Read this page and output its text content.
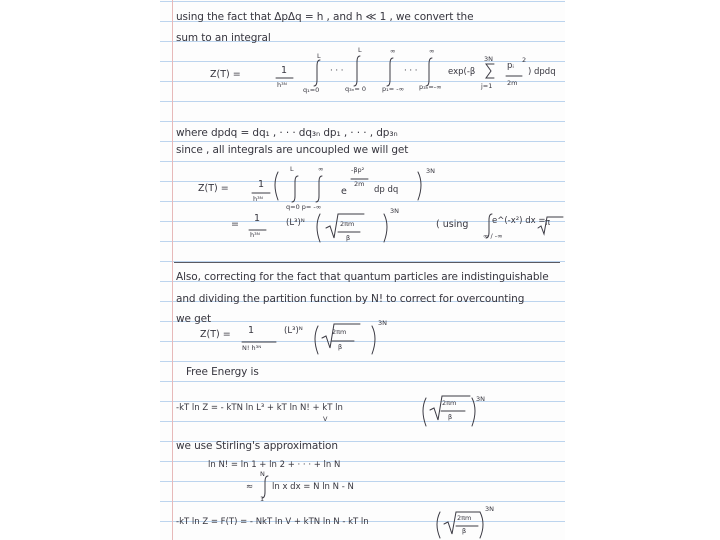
using the fact that ΔpΔq = h , and h ≪ 1 , we convert the
sum to an integral
L
L	∞	∞
Z(T) =	1
h³ᴺ
· · ·	· · ·
q₁=0	q₃ₙ= 0 p₁= -∞ p₃ₙ=-∞
exp(-β
3N
j=1
pᵢ
2
2m
) dpdq
where dpdq = dq₁ , · · · dq₃ₙ dp₁ , · · · , dp₃ₙ
since , all integrals are uncoupled we will get
L	∞
Z(T) =	1
h³ᴺ
q=0 p= -∞
e
-βp²
2m
dp dq
3N
=
1
h³ᴺ
(L³)ᴺ	2πm
β
3N
( using
∞ / -∞
e^(-x²) dx = π
Also, correcting for the fact that quantum particles are indistinguishable
and dividing the partition function by N! to correct for overcounting
we get
Z(T) = 1
N! h³ᴺ
(L³)ᴺ	2πm
β
3N
Free Energy is
-kT ln Z = - kTN ln L³ + kT ln N! + kT ln
V
2πm
β
3N
we use Stirling's approximation
ln N! = ln 1 + ln 2 + · · · + ln N
≈
N
1
ln x dx = N ln N - N
-kT ln Z = F(T) = - NkT ln V + kTN ln N - kT ln	2πm
β
3N
